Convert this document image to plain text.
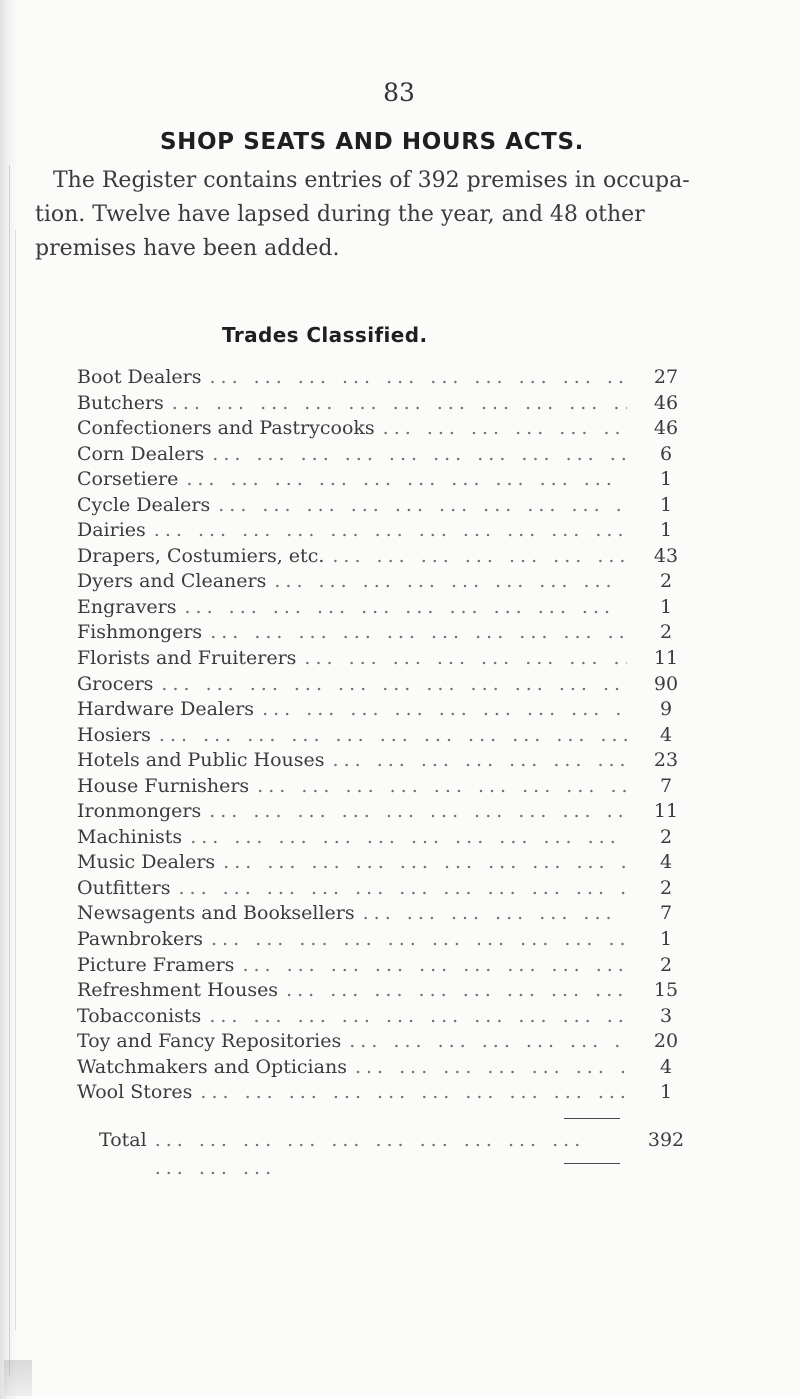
83
SHOP SEATS AND HOURS ACTS.
The Register contains entries of 392 premises in occupa-
tion. Twelve have lapsed during the year, and 48 other
premises have been added.
Trades Classified.
Boot Dealers ... .	27
Butchers ... .	46
Confectioners and Pastrycooks ... .	46
Corn Dealers ... .	6
Corsetiere ... .	1
Cycle Dealers ... .	1
Dairies ... .	1
Drapers, Costumiers, etc. ... .	43
Dyers and Cleaners ... .	2
Engravers ... .	1
Fishmongers ... .	2
Florists and Fruiterers ... .	11
Grocers ... .	90
Hardware Dealers ... .	9
Hosiers ... .	4
Hotels and Public Houses ... .	23
House Furnishers ... .	7
Ironmongers ... .	11
Machinists ... .	2
Music Dealers ... .	4
Outfitters ... .	2
Newsagents and Booksellers ... .	7
Pawnbrokers ... .	1
Picture Framers ... .	2
Refreshment Houses ... .	15
Tobacconists ... .	3
Toy and Fancy Repositories ... .	20
Watchmakers and Opticians ... .	4
Wool Stores ... .	1
Total ... .	392
